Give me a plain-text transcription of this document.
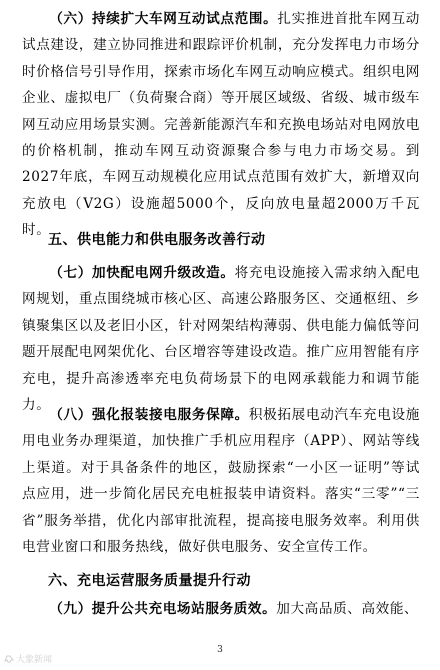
（六）持续扩大车网互动试点范围。扎实推进首批车网互动试点建设，建立协同推进和跟踪评价机制，充分发挥电力市场分时价格信号引导作用，探索市场化车网互动响应模式。组织电网企业、虚拟电厂（负荷聚合商）等开展区域级、省级、城市级车网互动应用场景实测。完善新能源汽车和充换电场站对电网放电的价格机制，推动车网互动资源聚合参与电力市场交易。到2027年底，车网互动规模化应用试点范围有效扩大，新增双向充放电（V2G）设施超5000个，反向放电量超2000万千瓦时。

五、供电能力和供电服务改善行动

（七）加快配电网升级改造。将充电设施接入需求纳入配电网规划，重点围绕城市核心区、高速公路服务区、交通枢纽、乡镇聚集区以及老旧小区，针对网架结构薄弱、供电能力偏低等问题开展配电网架优化、台区增容等建设改造。推广应用智能有序充电，提升高渗透率充电负荷场景下的电网承载能力和调节能力。

（八）强化报装接电服务保障。积极拓展电动汽车充电设施用电业务办理渠道，加快推广手机应用程序（APP）、网站等线上渠道。对于具备条件的地区，鼓励探索“一小区一证明”等试点应用，进一步简化居民充电桩报装申请资料。落实“三零”“三省”服务举措，优化内部审批流程，提高接电服务效率。利用供电营业窗口和服务热线，做好供电服务、安全宣传工作。

六、充电运营服务质量提升行动

（九）提升公共充电场站服务质效。加大高品质、高效能、

3
大象新闻
